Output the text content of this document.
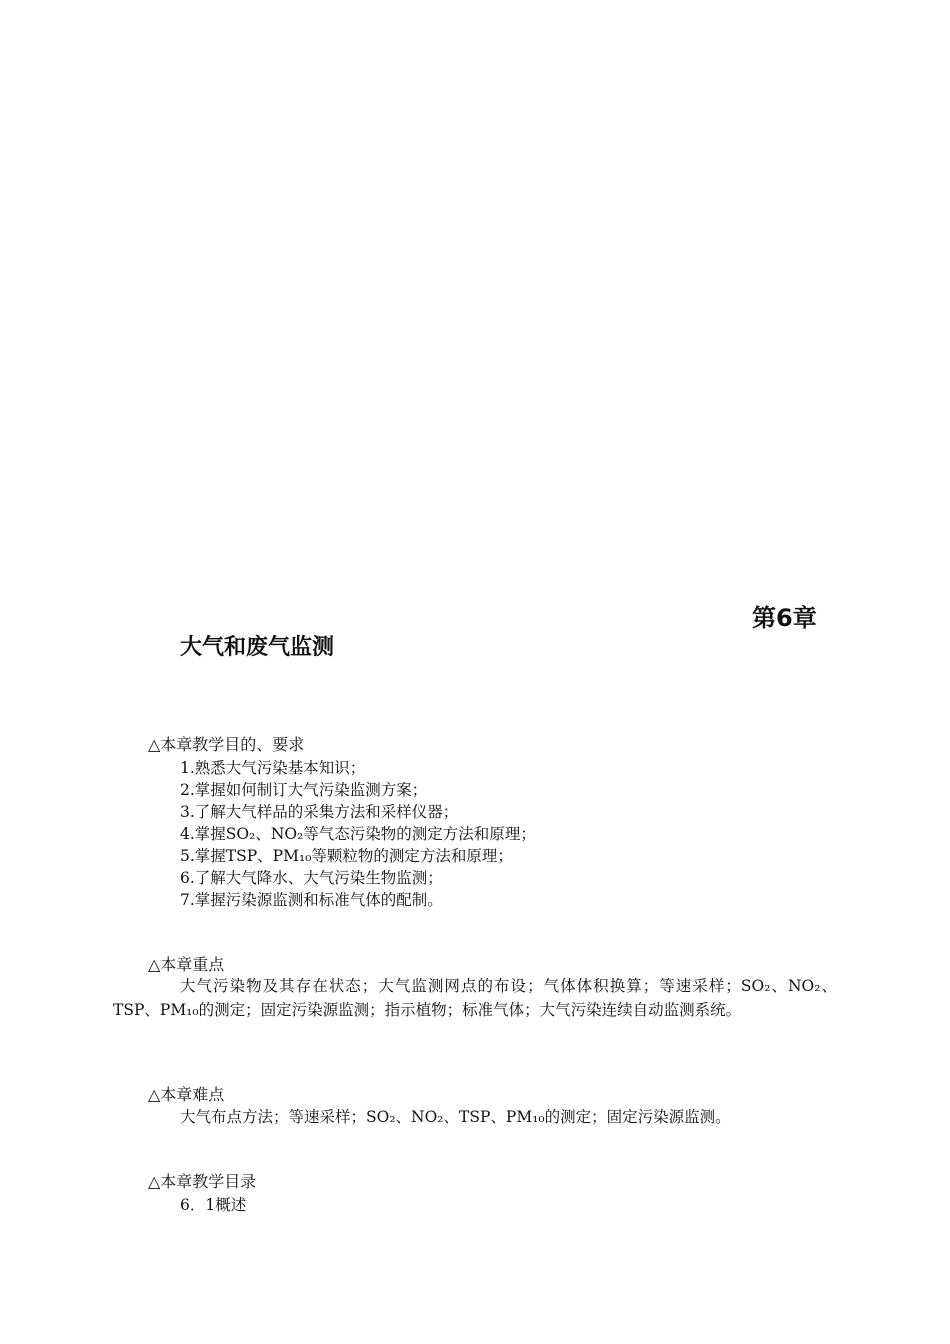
第6章
大气和废气监测
△本章教学目的、要求
1.熟悉大气污染基本知识；
2.掌握如何制订大气污染监测方案；
3.了解大气样品的采集方法和采样仪器；
4.掌握SO₂、NO₂等气态污染物的测定方法和原理；
5.掌握TSP、PM₁₀等颗粒物的测定方法和原理；
6.了解大气降水、大气污染生物监测；
7.掌握污染源监测和标准气体的配制。
△本章重点
大气污染物及其存在状态；大气监测网点的布设；气体体积换算；等速采样；SO₂、NO₂、TSP、PM₁₀的测定；固定污染源监测；指示植物；标准气体；大气污染连续自动监测系统。
△本章难点
大气布点方法；等速采样；SO₂、NO₂、TSP、PM₁₀的测定；固定污染源监测。
△本章教学目录
6．1概述
